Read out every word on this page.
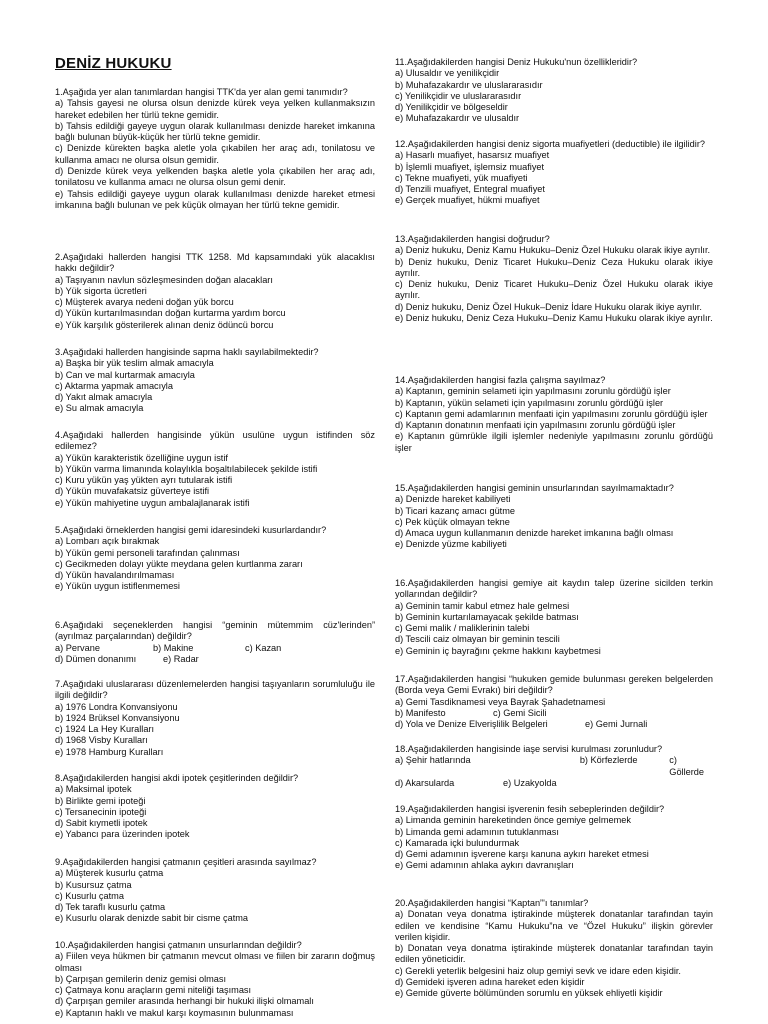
DENİZ HUKUKU
1.Aşağıda yer alan tanımlardan hangisi TTK'da yer alan gemi tanımıdır?
a) Tahsis gayesi ne olursa olsun denizde kürek veya yelken kullanmaksızın hareket edebilen her türlü tekne gemidir.
b) Tahsis edildiği gayeye uygun olarak kullanılması denizde hareket imkanına bağlı bulunan büyük-küçük her türlü tekne gemidir.
c) Denizde kürekten başka aletle yola çıkabilen her araç adı, tonilatosu ve kullanma amacı ne olursa olsun gemidir.
d) Denizde kürek veya yelkenden başka aletle yola çıkabilen her araç adı, tonilatosu ve kullanma amacı ne olursa olsun gemi denir.
e) Tahsis edildiği gayeye uygun olarak kullanılması denizde hareket etmesi imkanına bağlı bulunan ve pek küçük olmayan her türlü tekne gemidir.
2.Aşağıdaki hallerden hangisi TTK 1258. Md kapsamındaki yük alacaklısı hakkı değildir?
a) Taşıyanın navlun sözleşmesinden doğan alacakları
b) Yük sigorta ücretleri
c) Müşterek avarya nedeni doğan yük borcu
d) Yükün kurtarılmasından doğan kurtarma yardım borcu
e) Yük karşılık gösterilerek alınan deniz ödüncü borcu
3.Aşağıdaki hallerden hangisinde sapma haklı sayılabilmektedir?
a) Başka bir yük teslim almak amacıyla
b) Can ve mal kurtarmak amacıyla
c) Aktarma yapmak amacıyla
d) Yakıt almak amacıyla
e) Su almak amacıyla
4.Aşağıdaki hallerden hangisinde yükün usulüne uygun istifinden söz edilemez?
a) Yükün karakteristik özelliğine uygun istif
b) Yükün varma limanında kolaylıkla boşaltılabilecek şekilde istifi
c) Kuru yükün yaş yükten ayrı tutularak istifi
d) Yükün muvafakatsiz güverteye istifi
e) Yükün mahiyetine uygun ambalajlanarak istifi
5.Aşağıdaki örneklerden hangisi gemi idaresindeki kusurlardandır?
a) Lombarı açık bırakmak
b) Yükün gemi personeli tarafından çalınması
c) Gecikmeden dolayı yükte meydana gelen kurtlanma zararı
d) Yükün havalandırılmaması
e) Yükün uygun istiflenmemesi
6.Aşağıdaki seçeneklerden hangisi “geminin mütemmim cüz'lerinden” (ayrılmaz parçalarından) değildir?
a) Pervane	b) Makine	c) Kazan
d) Dümen donanımı	e) Radar
7.Aşağıdaki uluslararası düzenlemelerden hangisi taşıyanların sorumluluğu ile ilgili değildir?
a) 1976 Londra Konvansiyonu
b) 1924 Brüksel Konvansiyonu
c) 1924 La Hey Kuralları
d) 1968 Visby Kuralları
e) 1978 Hamburg Kuralları
8.Aşağıdakilerden hangisi akdi ipotek çeşitlerinden değildir?
a) Maksimal ipotek
b) Birlikte gemi ipoteği
c) Tersanecinin ipoteği
d) Sabit kıymetli ipotek
e) Yabancı para üzerinden ipotek
9.Aşağıdakilerden hangisi çatmanın çeşitleri arasında sayılmaz?
a) Müşterek kusurlu çatma
b) Kusursuz çatma
c) Kusurlu çatma
d) Tek taraflı kusurlu çatma
e) Kusurlu olarak denizde sabit bir cisme çatma
10.Aşağıdakilerden hangisi çatmanın unsurlarından değildir?
a) Fiilen veya hükmen bir çatmanın mevcut olması ve fiilen bir zararın doğmuş olması
b) Çarpışan gemilerin deniz gemisi olması
c) Çatmaya konu araçların gemi niteliği taşıması
d) Çarpışan gemiler arasında herhangi bir hukuki ilişki olmamalı
e) Kaptanın haklı ve makul karşı koymasının bulunmaması
11.Aşağıdakilerden hangisi Deniz Hukuku'nun özellikleridir?
a) Ulusaldır ve yenilikçidir
b) Muhafazakardır ve uluslararasıdır
c) Yenilikçidir ve uluslararasıdır
d) Yenilikçidir ve bölgeseldir
e) Muhafazakardır ve ulusaldır
12.Aşağıdakilerden hangisi deniz sigorta muafiyetleri (deductible) ile ilgilidir?
a) Hasarlı muafiyet, hasarsız muafiyet
b) İşlemli muafiyet, işlemsiz muafiyet
c) Tekne muafiyeti, yük muafiyeti
d) Tenzili muafiyet, Entegral muafiyet
e) Gerçek muafiyet, hükmi muafiyet
13.Aşağıdakilerden hangisi doğrudur?
a) Deniz hukuku, Deniz Kamu Hukuku–Deniz Özel Hukuku olarak ikiye ayrılır.
b) Deniz hukuku, Deniz Ticaret Hukuku–Deniz Ceza Hukuku olarak ikiye ayrılır.
c) Deniz hukuku, Deniz Ticaret Hukuku–Deniz Özel Hukuku olarak ikiye ayrılır.
d) Deniz hukuku, Deniz Özel Hukuk–Deniz İdare Hukuku olarak ikiye ayrılır.
e) Deniz hukuku, Deniz Ceza Hukuku–Deniz Kamu Hukuku olarak ikiye ayrılır.
14.Aşağıdakilerden hangisi fazla çalışma sayılmaz?
a) Kaptanın, geminin selameti için yapılmasını zorunlu gördüğü işler
b) Kaptanın, yükün selameti için yapılmasını zorunlu gördüğü işler
c) Kaptanın gemi adamlarının menfaati için yapılmasını zorunlu gördüğü işler
d) Kaptanın donatının menfaati için yapılmasını zorunlu gördüğü işler
e) Kaptanın gümrükle ilgili işlemler nedeniyle yapılmasını zorunlu gördüğü işler
15.Aşağıdakilerden hangisi geminin unsurlarından sayılmamaktadır?
a) Denizde hareket kabiliyeti
b) Ticari kazanç amacı gütme
c) Pek küçük olmayan tekne
d) Amaca uygun kullanmanın denizde hareket imkanına bağlı olması
e) Denizde yüzme kabiliyeti
16.Aşağıdakilerden hangisi gemiye ait kaydın talep üzerine sicilden terkin yollarından değildir?
a) Geminin tamir kabul etmez hale gelmesi
b) Geminin kurtarılamayacak şekilde batması
c) Gemi malik / maliklerinin talebi
d) Tescili caiz olmayan bir geminin tescili
e) Geminin iç bayrağını çekme hakkını kaybetmesi
17.Aşağıdakilerden hangisi “hukuken gemide bulunması gereken belgelerden (Borda veya Gemi Evrakı) biri değildir?
a) Gemi Tasdiknamesi veya Bayrak Şahadetnamesi
b) Manifesto	c) Gemi Sicili
d) Yola ve Denize Elverişlilik Belgeleri	e) Gemi Jurnali
18.Aşağıdakilerden hangisinde iaşe servisi kurulması zorunludur?
a) Şehir hatlarında	b) Körfezlerde	c) Göllerde
d) Akarsularda	e) Uzakyolda
19.Aşağıdakilerden hangisi işverenin fesih sebeplerinden değildir?
a) Limanda geminin hareketinden önce gemiye gelmemek
b) Limanda gemi adamının tutuklanması
c) Kamarada içki bulundurmak
d) Gemi adamının işverene karşı kanuna aykırı hareket etmesi
e) Gemi adamının ahlaka aykırı davranışları
20.Aşağıdakilerden hangisi “Kaptan”'ı tanımlar?
a) Donatan veya donatma iştirakinde müşterek donatanlar tarafından tayin edilen ve kendisine “Kamu Hukuku”na ve “Özel Hukuku” ilişkin görevler verilen kişidir.
b) Donatan veya donatma iştirakinde müşterek donatanlar tarafından tayin edilen yöneticidir.
c) Gerekli yeterlik belgesini haiz olup gemiyi sevk ve idare eden kişidir.
d) Gemideki işveren adına hareket eden kişidir
e) Gemide güverte bölümünden sorumlu en yüksek ehliyetli kişidir
